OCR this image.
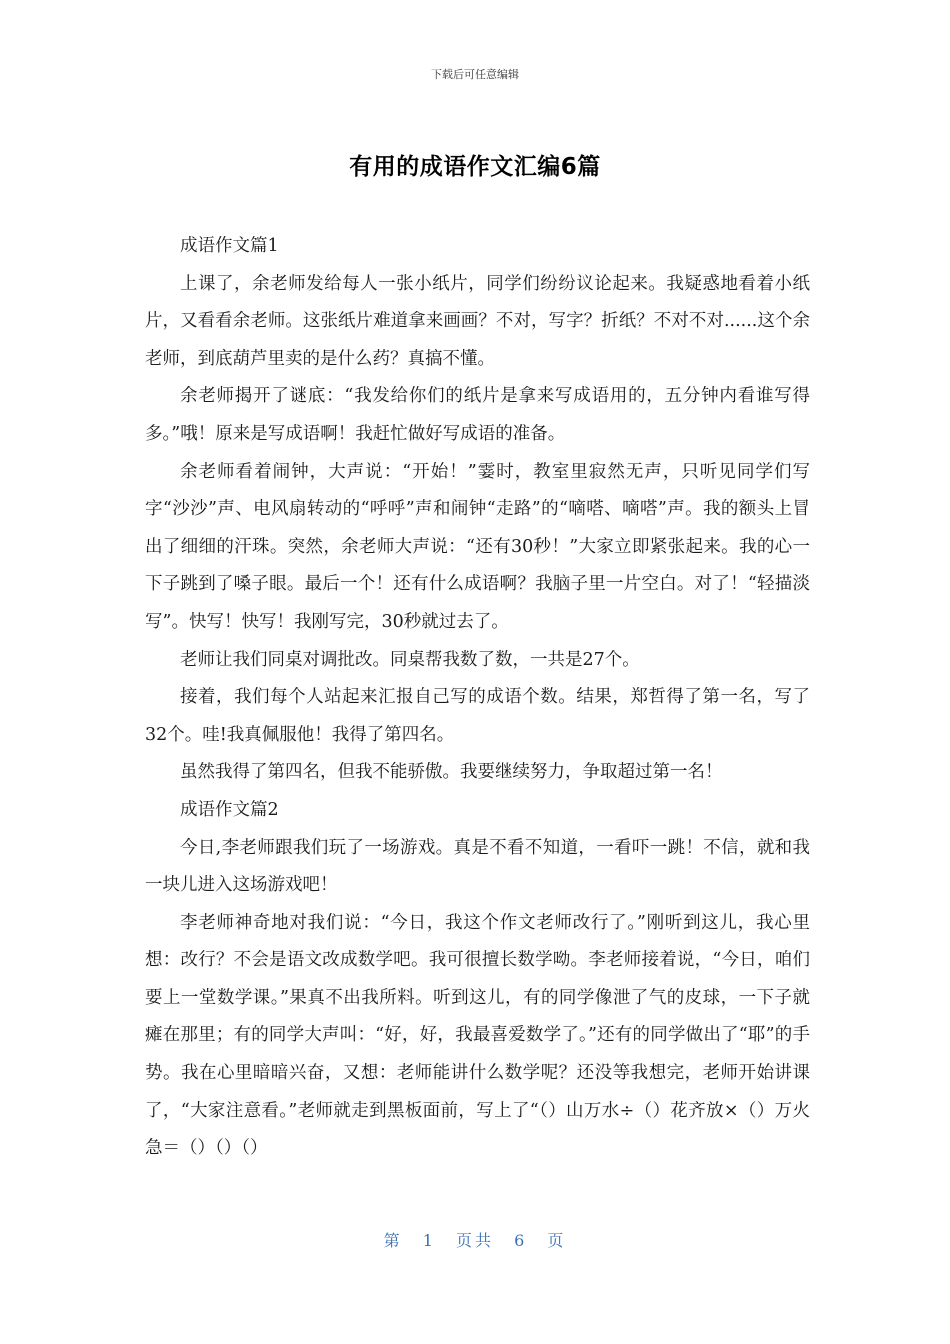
下载后可任意编辑
有用的成语作文汇编6篇

成语作文篇1

上课了，余老师发给每人一张小纸片，同学们纷纷议论起来。我疑惑地看着小纸片，又看看余老师。这张纸片难道拿来画画？不对，写字？折纸？不对不对......这个余老师，到底葫芦里卖的是什么药？真搞不懂。

余老师揭开了谜底：“我发给你们的纸片是拿来写成语用的，五分钟内看谁写得多。”哦！原来是写成语啊！我赶忙做好写成语的准备。

余老师看着闹钟，大声说：“开始！”霎时，教室里寂然无声，只听见同学们写字“沙沙”声、电风扇转动的“呼呼”声和闹钟“走路”的“嘀嗒、嘀嗒”声。我的额头上冒出了细细的汗珠。突然，余老师大声说：“还有30秒！”大家立即紧张起来。我的心一下子跳到了嗓子眼。最后一个！还有什么成语啊？我脑子里一片空白。对了！“轻描淡写”。快写！快写！我刚写完，30秒就过去了。

老师让我们同桌对调批改。同桌帮我数了数，一共是27个。

接着，我们每个人站起来汇报自己写的成语个数。结果，郑哲得了第一名，写了32个。哇!我真佩服他！我得了第四名。

虽然我得了第四名，但我不能骄傲。我要继续努力，争取超过第一名！

成语作文篇2

今日,李老师跟我们玩了一场游戏。真是不看不知道，一看吓一跳！不信，就和我一块儿进入这场游戏吧！

李老师神奇地对我们说：“今日，我这个作文老师改行了。”刚听到这儿，我心里想：改行？不会是语文改成数学吧。我可很擅长数学呦。李老师接着说，“今日，咱们要上一堂数学课。”果真不出我所料。听到这儿，有的同学像泄了气的皮球，一下子就瘫在那里；有的同学大声叫：“好，好，我最喜爱数学了。”还有的同学做出了“耶”的手势。我在心里暗暗兴奋，又想：老师能讲什么数学呢？还没等我想完，老师开始讲课了，“大家注意看。”老师就走到黑板面前，写上了“（）山万水÷（）花齐放×（）万火急＝（）（）（）

第 1 页共 6 页
